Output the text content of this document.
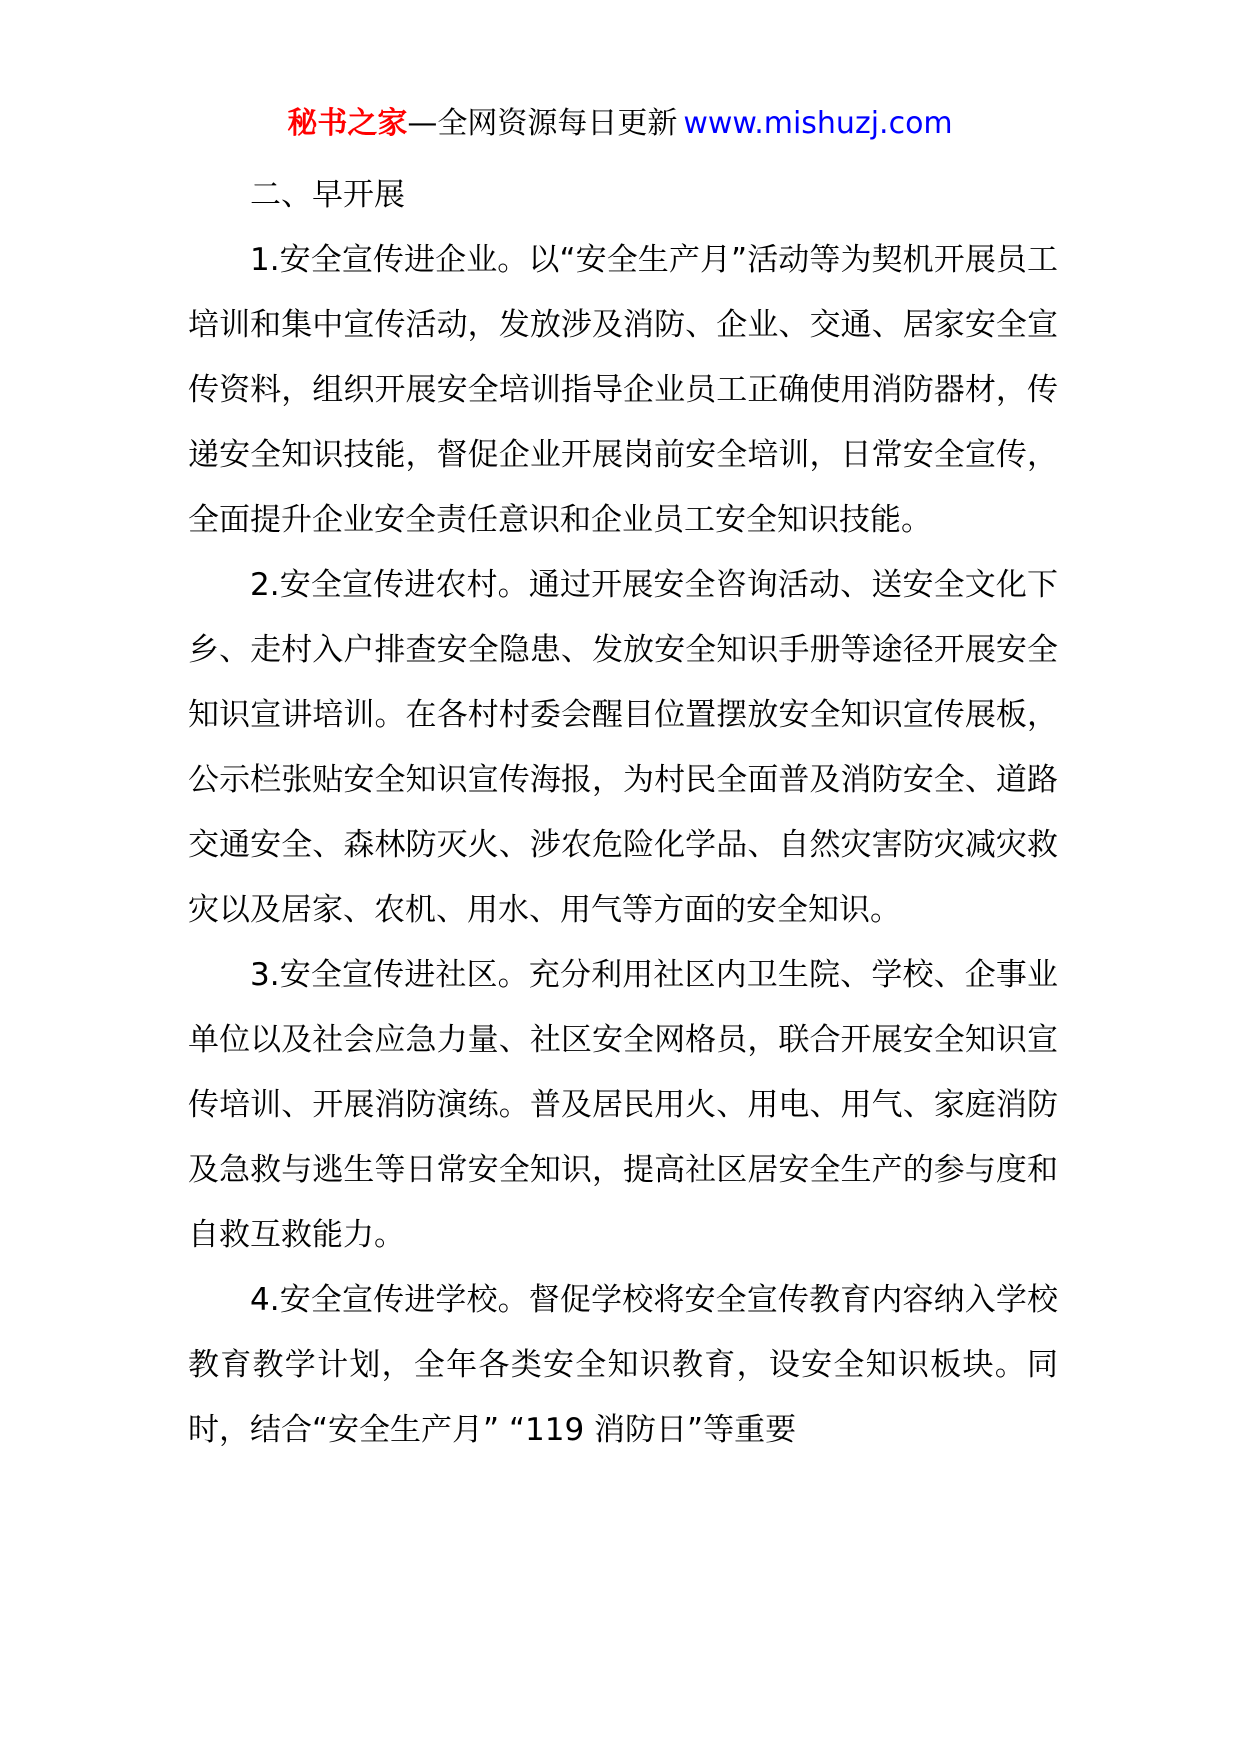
秘书之家—全网资源每日更新 www.mishuzj.com

二、早开展

1.安全宣传进企业。以“安全生产月”活动等为契机开展员工培训和集中宣传活动，发放涉及消防、企业、交通、居家安全宣传资料，组织开展安全培训指导企业员工正确使用消防器材，传递安全知识技能，督促企业开展岗前安全培训，日常安全宣传，全面提升企业安全责任意识和企业员工安全知识技能。

2.安全宣传进农村。通过开展安全咨询活动、送安全文化下乡、走村入户排查安全隐患、发放安全知识手册等途径开展安全知识宣讲培训。在各村村委会醒目位置摆放安全知识宣传展板，公示栏张贴安全知识宣传海报，为村民全面普及消防安全、道路交通安全、森林防灭火、涉农危险化学品、自然灾害防灾减灾救灾以及居家、农机、用水、用气等方面的安全知识。

3.安全宣传进社区。充分利用社区内卫生院、学校、企事业单位以及社会应急力量、社区安全网格员，联合开展安全知识宣传培训、开展消防演练。普及居民用火、用电、用气、家庭消防及急救与逃生等日常安全知识，提高社区居安全生产的参与度和自救互救能力。

4.安全宣传进学校。督促学校将安全宣传教育内容纳入学校教育教学计划，全年各类安全知识教育，设安全知识板块。同时，结合“安全生产月” “119 消防日”等重要
